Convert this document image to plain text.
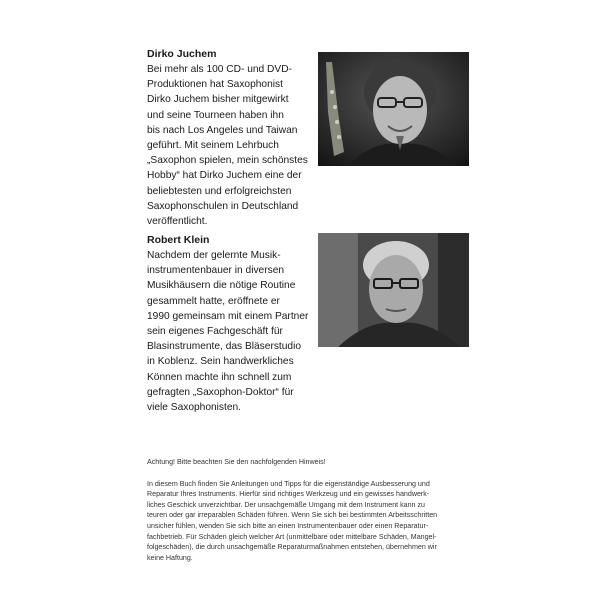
Dirko Juchem
Bei mehr als 100 CD- und DVD-
Produktionen hat Saxophonist
Dirko Juchem bisher mitgewirkt
und seine Tourneen haben ihn
bis nach Los Angeles und Taiwan
geführt. Mit seinem Lehrbuch
„Saxophon spielen, mein schönstes
Hobby“ hat Dirko Juchem eine der
beliebtesten und erfolgreichsten
Saxophonschulen in Deutschland
veröffentlicht.
Robert Klein
Nachdem der gelernte Musik-
instrumentenbauer in diversen
Musikhäusern die nötige Routine
gesammelt hatte, eröffnete er
1990 gemeinsam mit einem Partner
sein eigenes Fachgeschäft für
Blasinstrumente, das Bläserstudio
in Koblenz. Sein handwerkliches
Können machte ihn schnell zum
gefragten „Saxophon-Doktor“ für
viele Saxophonisten.

Achtung! Bitte beachten Sie den nachfolgenden Hinweis!

In diesem Buch finden Sie Anleitungen und Tipps für die eigenständige Ausbesserung und
Reparatur Ihres Instruments. Hierfür sind richtiges Werkzeug und ein gewisses handwerk-
liches Geschick unverzichtbar. Der unsachgemäße Umgang mit dem Instrument kann zu
teuren oder gar irreparablen Schäden führen. Wenn Sie sich bei bestimmten Arbeitsschritten
unsicher fühlen, wenden Sie sich bitte an einen Instrumentenbauer oder einen Reparatur-
fachbetrieb. Für Schäden gleich welcher Art (unmittelbare oder mittelbare Schäden, Mangel-
folgeschäden), die durch unsachgemäße Reparaturmaßnahmen entstehen, übernehmen wir
keine Haftung.
